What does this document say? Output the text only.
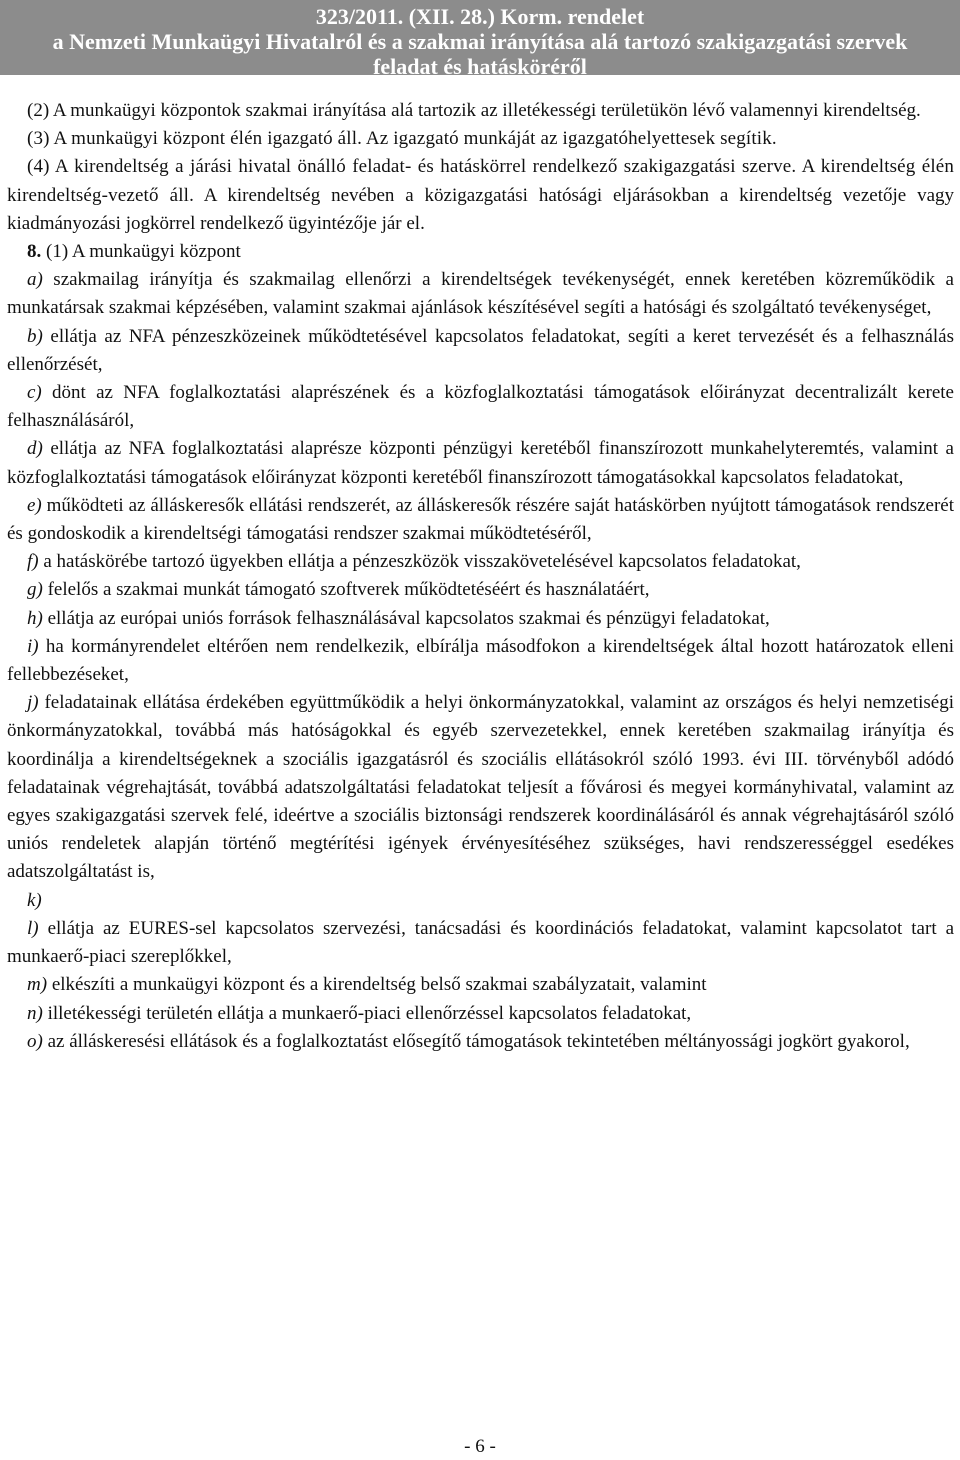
323/2011. (XII. 28.) Korm. rendelet
a Nemzeti Munkaügyi Hivatalról és a szakmai irányítása alá tartozó szakigazgatási szervek
feladat és hatásköréről

(2) A munkaügyi központok szakmai irányítása alá tartozik az illetékességi területükön lévő valamennyi kirendeltség.

(3) A munkaügyi központ élén igazgató áll. Az igazgató munkáját az igazgatóhelyettesek segítik.

(4) A kirendeltség a járási hivatal önálló feladat- és hatáskörrel rendelkező szakigazgatási szerve. A kirendeltség élén kirendeltség-vezető áll. A kirendeltség nevében a közigazgatási hatósági eljárásokban a kirendeltség vezetője vagy kiadmányozási jogkörrel rendelkező ügyintézője jár el.

8. (1) A munkaügyi központ

a) szakmailag irányítja és szakmailag ellenőrzi a kirendeltségek tevékenységét, ennek keretében közreműködik a munkatársak szakmai képzésében, valamint szakmai ajánlások készítésével segíti a hatósági és szolgáltató tevékenységet,

b) ellátja az NFA pénzeszközeinek működtetésével kapcsolatos feladatokat, segíti a keret tervezését és a felhasználás ellenőrzését,

c) dönt az NFA foglalkoztatási alaprészének és a közfoglalkoztatási támogatások előirányzat decentralizált kerete felhasználásáról,

d) ellátja az NFA foglalkoztatási alaprésze központi pénzügyi keretéből finanszírozott munkahelyteremtés, valamint a közfoglalkoztatási támogatások előirányzat központi keretéből finanszírozott támogatásokkal kapcsolatos feladatokat,

e) működteti az álláskeresők ellátási rendszerét, az álláskeresők részére saját hatáskörben nyújtott támogatások rendszerét és gondoskodik a kirendeltségi támogatási rendszer szakmai működtetéséről,

f) a hatáskörébe tartozó ügyekben ellátja a pénzeszközök visszakövetelésével kapcsolatos feladatokat,

g) felelős a szakmai munkát támogató szoftverek működtetéséért és használatáért,

h) ellátja az európai uniós források felhasználásával kapcsolatos szakmai és pénzügyi feladatokat,

i) ha kormányrendelet eltérően nem rendelkezik, elbírálja másodfokon a kirendeltségek által hozott határozatok elleni fellebbezéseket,

j) feladatainak ellátása érdekében együttműködik a helyi önkormányzatokkal, valamint az országos és helyi nemzetiségi önkormányzatokkal, továbbá más hatóságokkal és egyéb szervezetekkel, ennek keretében szakmailag irányítja és koordinálja a kirendeltségeknek a szociális igazgatásról és szociális ellátásokról szóló 1993. évi III. törvényből adódó feladatainak végrehajtását, továbbá adatszolgáltatási feladatokat teljesít a fővárosi és megyei kormányhivatal, valamint az egyes szakigazgatási szervek felé, ideértve a szociális biztonsági rendszerek koordinálásáról és annak végrehajtásáról szóló uniós rendeletek alapján történő megtérítési igények érvényesítéséhez szükséges, havi rendszerességgel esedékes adatszolgáltatást is,

k)

l) ellátja az EURES-sel kapcsolatos szervezési, tanácsadási és koordinációs feladatokat, valamint kapcsolatot tart a munkaerő-piaci szereplőkkel,

m) elkészíti a munkaügyi központ és a kirendeltség belső szakmai szabályzatait, valamint

n) illetékességi területén ellátja a munkaerő-piaci ellenőrzéssel kapcsolatos feladatokat,

o) az álláskeresési ellátások és a foglalkoztatást elősegítő támogatások tekintetében méltányossági jogkört gyakorol,

- 6 -
